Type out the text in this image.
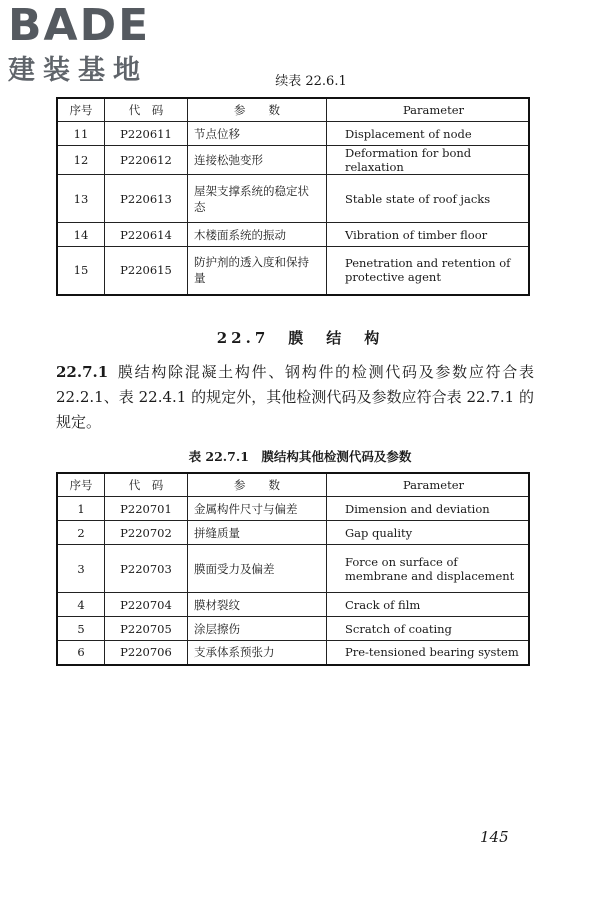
BADE
建装基地	续表 22.6.1
序号	代　码	参　　数	Parameter
11	P220611	节点位移	Displacement of node
12	P220612	连接松弛变形	Deformation for bond relaxation
13	P220613	屋架支撑系统的稳定状态	Stable state of roof jacks
14	P220614	木楼面系统的振动	Vibration of timber floor
15	P220615	防护剂的透入度和保持量	Penetration and retention of protective agent
22.7　膜　结　构
22.7.1 膜结构除混凝土构件、钢构件的检测代码及参数应符合表 22.2.1、表 22.4.1 的规定外，其他检测代码及参数应符合表 22.7.1 的规定。
表 22.7.1　膜结构其他检测代码及参数
序号	代　码	参　　数	Parameter
1	P220701	金属构件尺寸与偏差	Dimension and deviation
2	P220702	拼缝质量	Gap quality
3	P220703	膜面受力及偏差	Force on surface of membrane and displacement
4	P220704	膜材裂纹	Crack of film
5	P220705	涂层擦伤	Scratch of coating
6	P220706	支承体系预张力	Pre-tensioned bearing system
145
